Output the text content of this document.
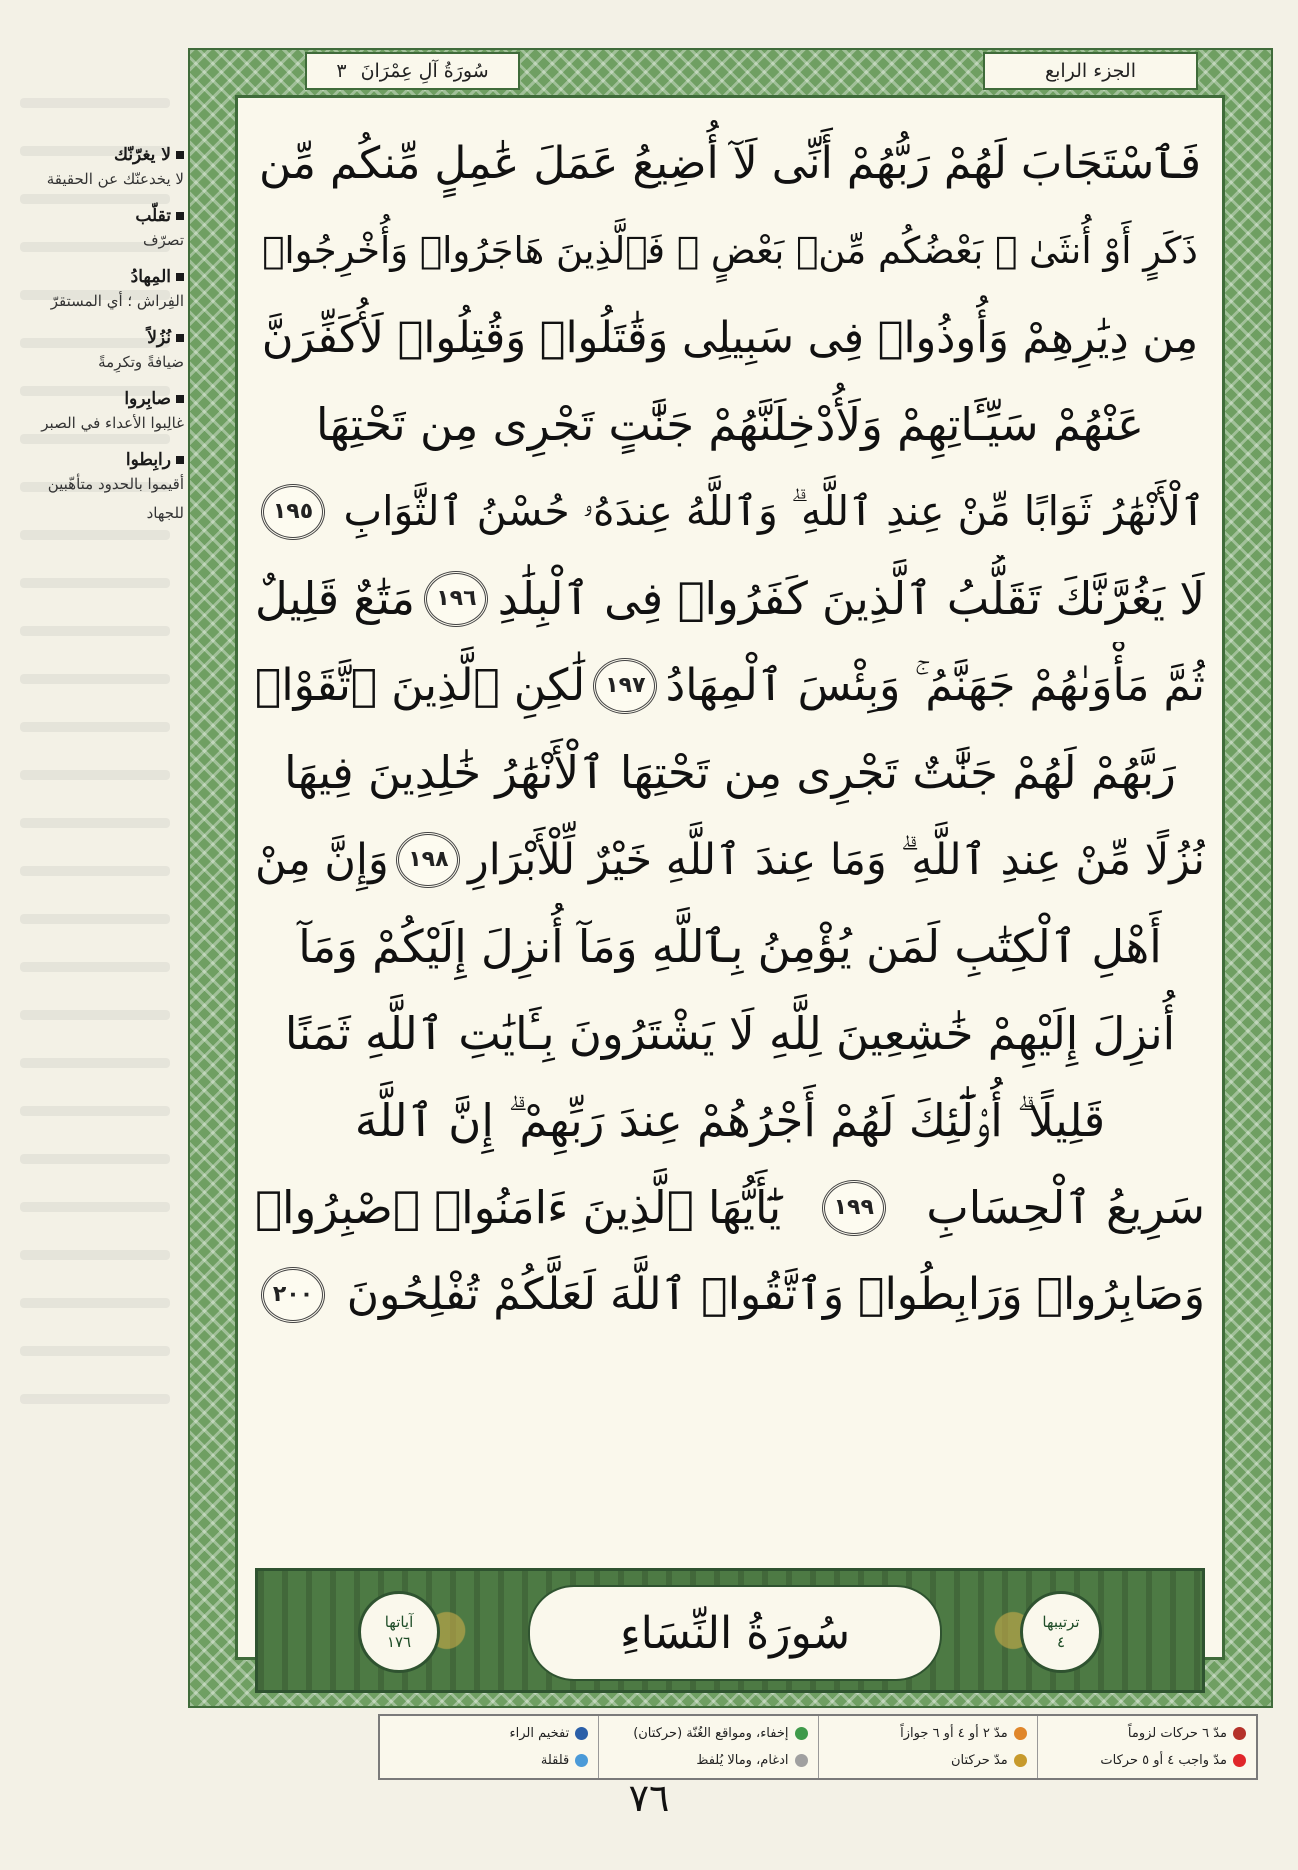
لا يغرّنّك
لا يخدعنّك عن الحقيقة
تقلّب
تصرّف
المِهادُ
الفِراش ؛ أي المستقرّ
نُزُلاً
ضيافةً وتكرِمةً
صابِروا
غالِبوا الأعداء في الصبر
رابِطوا
أقيموا بالحدود متأهّبين للجهاد
الجزء الرابع
سُورَةُ آلِ عِمْرَانَ
٣
فَٱسْتَجَابَ لَهُمْ رَبُّهُمْ أَنِّى لَآ أُضِيعُ عَمَلَ عَٰمِلٍ مِّنكُم مِّن
ذَكَرٍ أَوْ أُنثَىٰ ۖ بَعْضُكُم مِّنۢ بَعْضٍ ۖ فَٱلَّذِينَ هَاجَرُوا۟ وَأُخْرِجُوا۟
مِن دِيَٰرِهِمْ وَأُوذُوا۟ فِى سَبِيلِى وَقَٰتَلُوا۟ وَقُتِلُوا۟ لَأُكَفِّرَنَّ
عَنْهُمْ سَيِّـَٔاتِهِمْ وَلَأُدْخِلَنَّهُمْ جَنَّٰتٍ تَجْرِى مِن تَحْتِهَا
ٱلْأَنْهَٰرُ ثَوَابًا مِّنْ عِندِ ٱللَّهِ ۗ وَٱللَّهُ عِندَهُۥ حُسْنُ ٱلثَّوَابِ
١٩٥
لَا يَغُرَّنَّكَ تَقَلُّبُ ٱلَّذِينَ كَفَرُوا۟ فِى ٱلْبِلَٰدِ
١٩٦
مَتَٰعٌ قَلِيلٌ
ثُمَّ مَأْوَىٰهُمْ جَهَنَّمُ ۚ وَبِئْسَ ٱلْمِهَادُ
١٩٧
لَٰكِنِ ٱلَّذِينَ ٱتَّقَوْا۟
رَبَّهُمْ لَهُمْ جَنَّٰتٌ تَجْرِى مِن تَحْتِهَا ٱلْأَنْهَٰرُ خَٰلِدِينَ فِيهَا
نُزُلًا مِّنْ عِندِ ٱللَّهِ ۗ وَمَا عِندَ ٱللَّهِ خَيْرٌ لِّلْأَبْرَارِ
١٩٨
وَإِنَّ مِنْ
أَهْلِ ٱلْكِتَٰبِ لَمَن يُؤْمِنُ بِٱللَّهِ وَمَآ أُنزِلَ إِلَيْكُمْ وَمَآ
أُنزِلَ إِلَيْهِمْ خَٰشِعِينَ لِلَّهِ لَا يَشْتَرُونَ بِـَٔايَٰتِ ٱللَّهِ ثَمَنًا
قَلِيلًا ۗ أُو۟لَٰٓئِكَ لَهُمْ أَجْرُهُمْ عِندَ رَبِّهِمْ ۗ إِنَّ ٱللَّهَ
سَرِيعُ ٱلْحِسَابِ
١٩٩
يَٰٓأَيُّهَا ٱلَّذِينَ ءَامَنُوا۟ ٱصْبِرُوا۟
وَصَابِرُوا۟ وَرَابِطُوا۟ وَٱتَّقُوا۟ ٱللَّهَ لَعَلَّكُمْ تُفْلِحُونَ
٢٠٠
ترتيبها
٤
سُورَةُ النِّسَاءِ
آياتها
١٧٦
مدّ ٦ حركات لزوماً
مدّ واجب ٤ أو ٥ حركات
مدّ ٢ أو ٤ أو ٦ جوازاً
مدّ حركتان
إخفاء، ومواقع الغُنّة (حركتان)
ادغام، ومالا يُلفظ
تفخيم الراء
قلقلة
٧٦
